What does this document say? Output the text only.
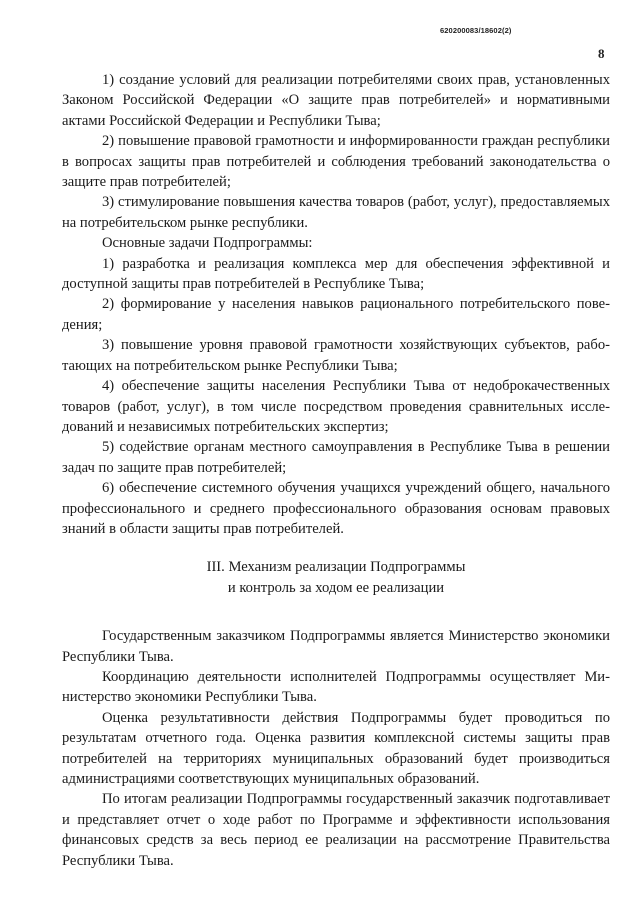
620200083/18602(2)
8

1) создание условий для реализации потребителями своих прав, установленных Законом Российской Федерации «О защите прав потребителей» и нормативными актами Российской Федерации и Республики Тыва;

2) повышение правовой грамотности и информированности граждан республики в вопросах защиты прав потребителей и соблюдения требований законодательства о защите прав потребителей;

3) стимулирование повышения качества товаров (работ, услуг), предоставляемых на потребительском рынке республики.

Основные задачи Подпрограммы:

1) разработка и реализация комплекса мер для обеспечения эффективной и доступной защиты прав потребителей в Республике Тыва;

2) формирование у населения навыков рационального потребительского поведения;

3) повышение уровня правовой грамотности хозяйствующих субъектов, работающих на потребительском рынке Республики Тыва;

4) обеспечение защиты населения Республики Тыва от недоброкачественных товаров (работ, услуг), в том числе посредством проведения сравнительных исследований и независимых потребительских экспертиз;

5) содействие органам местного самоуправления в Республике Тыва в решении задач по защите прав потребителей;

6) обеспечение системного обучения учащихся учреждений общего, начального профессионального и среднего профессионального образования основам правовых знаний в области защиты прав потребителей.

III. Механизм реализации Подпрограммы
и контроль за ходом ее реализации

Государственным заказчиком Подпрограммы является Министерство экономики Республики Тыва.

Координацию деятельности исполнителей Подпрограммы осуществляет Министерство экономики Республики Тыва.

Оценка результативности действия Подпрограммы будет проводиться по результатам отчетного года. Оценка развития комплексной системы защиты прав потребителей на территориях муниципальных образований будет производиться администрациями соответствующих муниципальных образований.

По итогам реализации Подпрограммы государственный заказчик подготавливает и представляет отчет о ходе работ по Программе и эффективности использования финансовых средств за весь период ее реализации на рассмотрение Правительства Республики Тыва.
